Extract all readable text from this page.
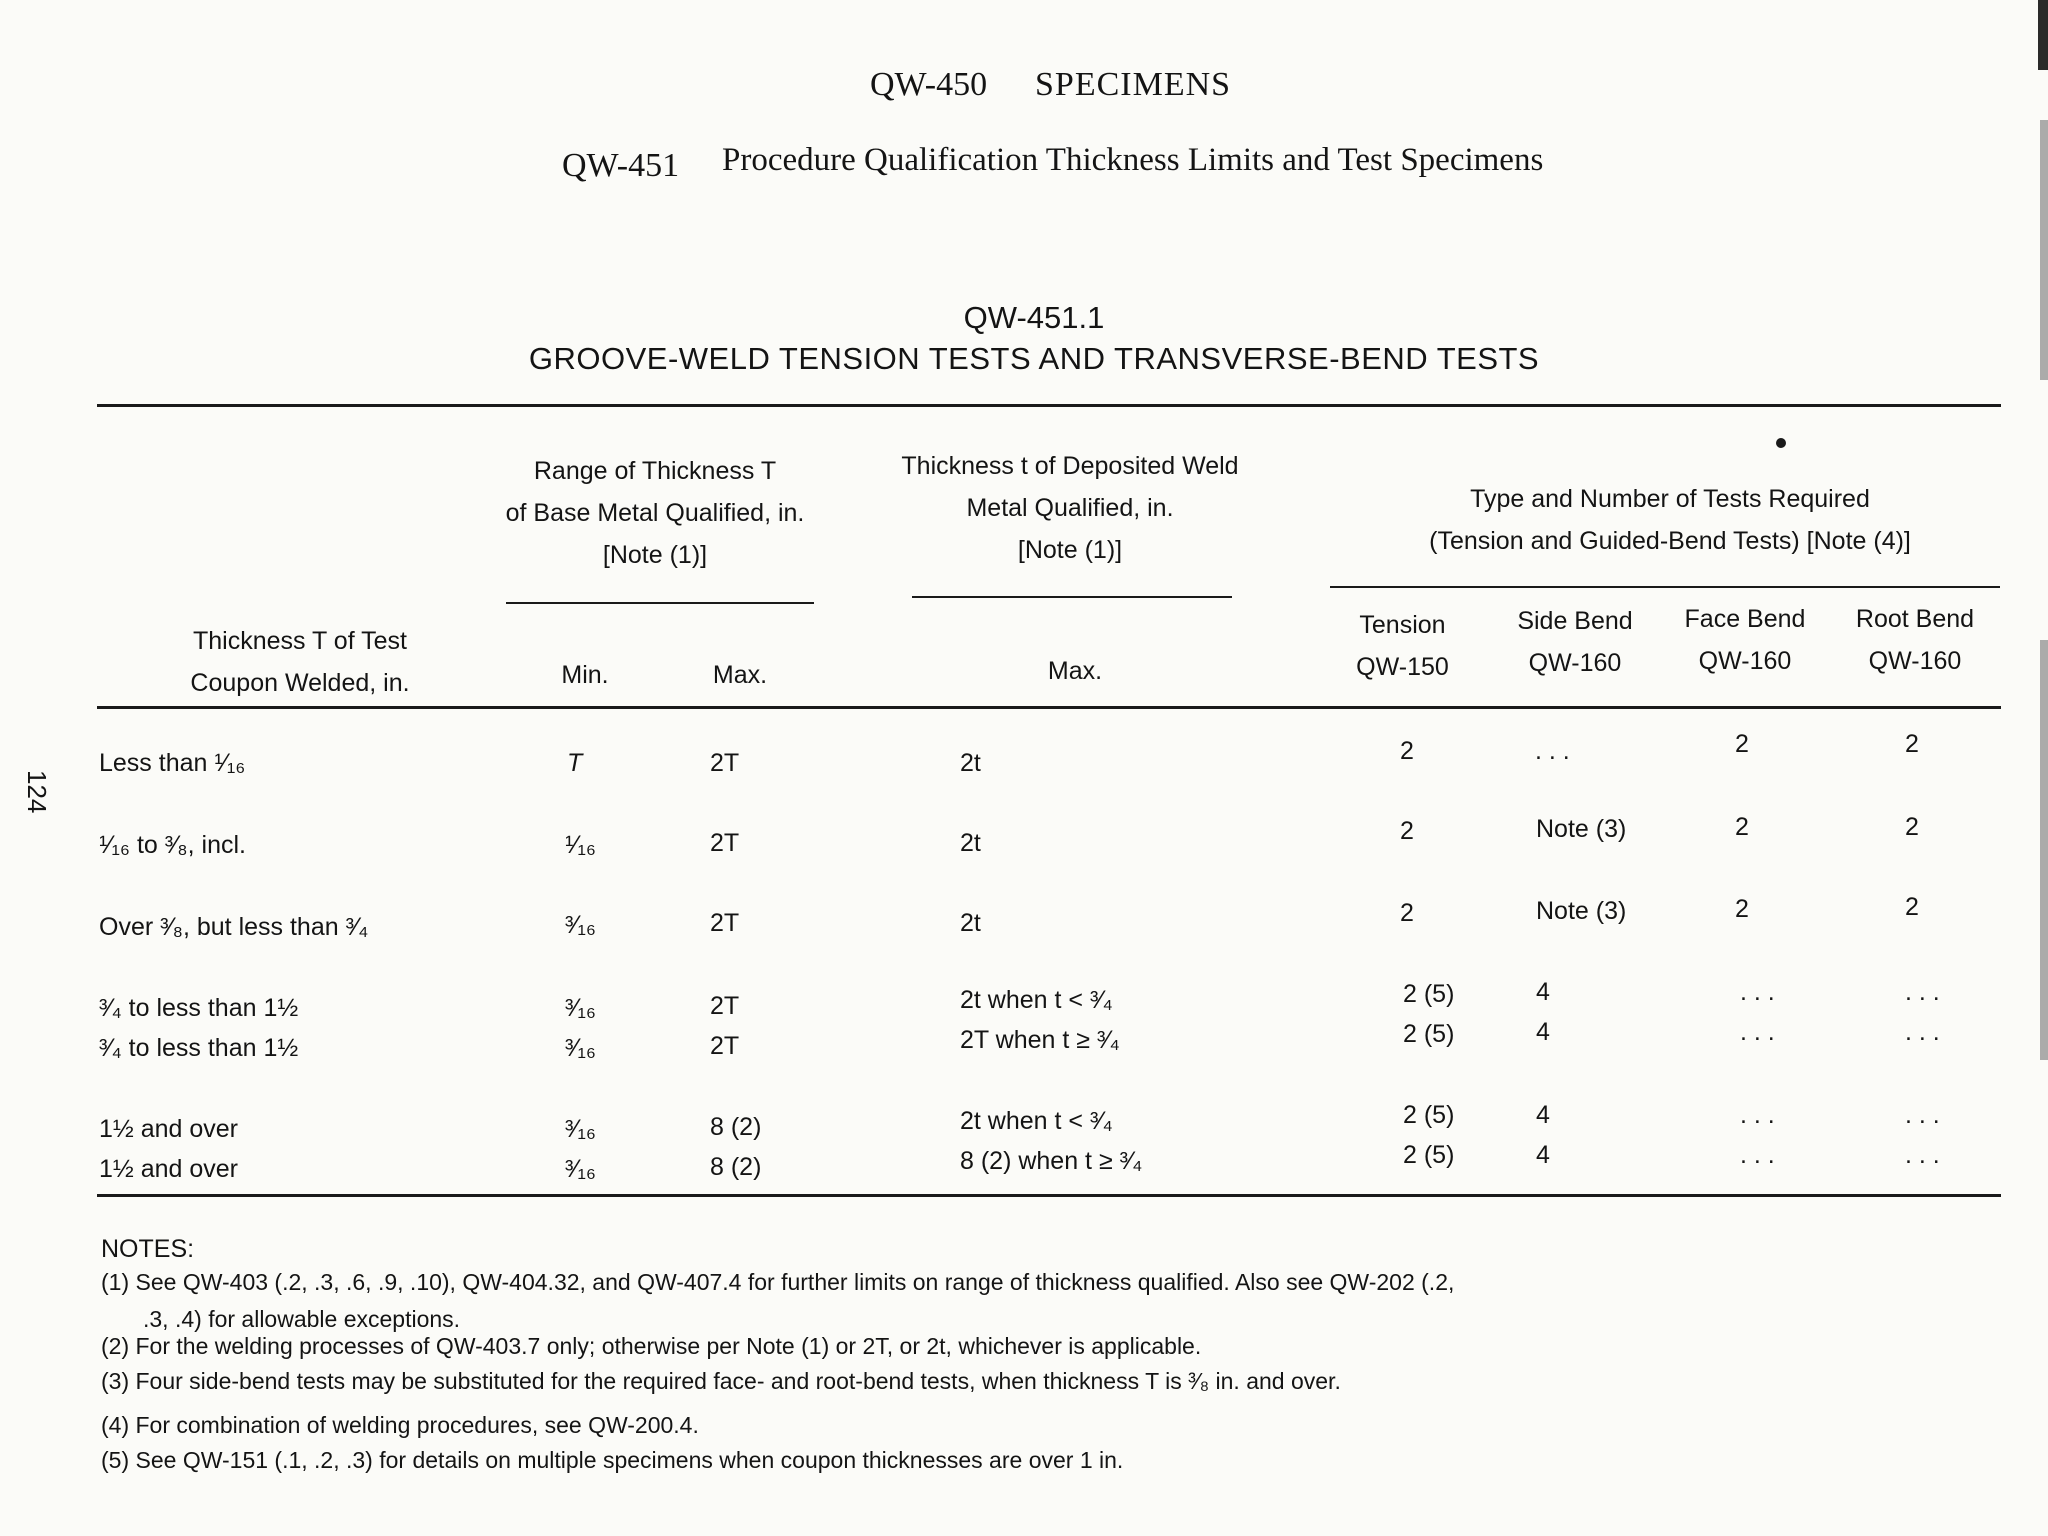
QW-450 SPECIMENS
QW-451 Procedure Qualification Thickness Limits and Test Specimens
QW-451.1
GROOVE-WELD TENSION TESTS AND TRANSVERSE-BEND TESTS
Range of Thickness T
of Base Metal Qualified, in.
[Note (1)]
Thickness t of Deposited Weld
Metal Qualified, in.
[Note (1)]
Type and Number of Tests Required
(Tension and Guided-Bend Tests) [Note (4)]
Thickness T of Test
Coupon Welded, in.	Min.	Max.	Max.
Tension
QW-150
Side Bend
QW-160
Face Bend
QW-160
Root Bend
QW-160
124
Less than ¹⁄₁₆	T	2T	2t	2	. . .	2	2
¹⁄₁₆ to ³⁄₈, incl.	¹⁄₁₆	2T	2t	2	Note (3)	2	2
Over ³⁄₈, but less than ³⁄₄	³⁄₁₆	2T	2t	2	Note (3)	2	2
³⁄₄ to less than 1½	³⁄₁₆	2T	2t when t < ³⁄₄	2 (5)	4	. . .	. . .
³⁄₄ to less than 1½	³⁄₁₆	2T	2T when t ≥ ³⁄₄	2 (5)	4	. . .	. . .
1½ and over	³⁄₁₆	8 (2)	2t when t < ³⁄₄	2 (5)	4	. . .	. . .
1½ and over	³⁄₁₆	8 (2)	8 (2) when t ≥ ³⁄₄	2 (5)	4	. . .	. . .
NOTES:
(1) See QW-403 (.2, .3, .6, .9, .10), QW-404.32, and QW-407.4 for further limits on range of thickness qualified. Also see QW-202 (.2,
.3, .4) for allowable exceptions.
(2) For the welding processes of QW-403.7 only; otherwise per Note (1) or 2T, or 2t, whichever is applicable.
(3) Four side-bend tests may be substituted for the required face- and root-bend tests, when thickness T is ³⁄₈ in. and over.
(4) For combination of welding procedures, see QW-200.4.
(5) See QW-151 (.1, .2, .3) for details on multiple specimens when coupon thicknesses are over 1 in.
